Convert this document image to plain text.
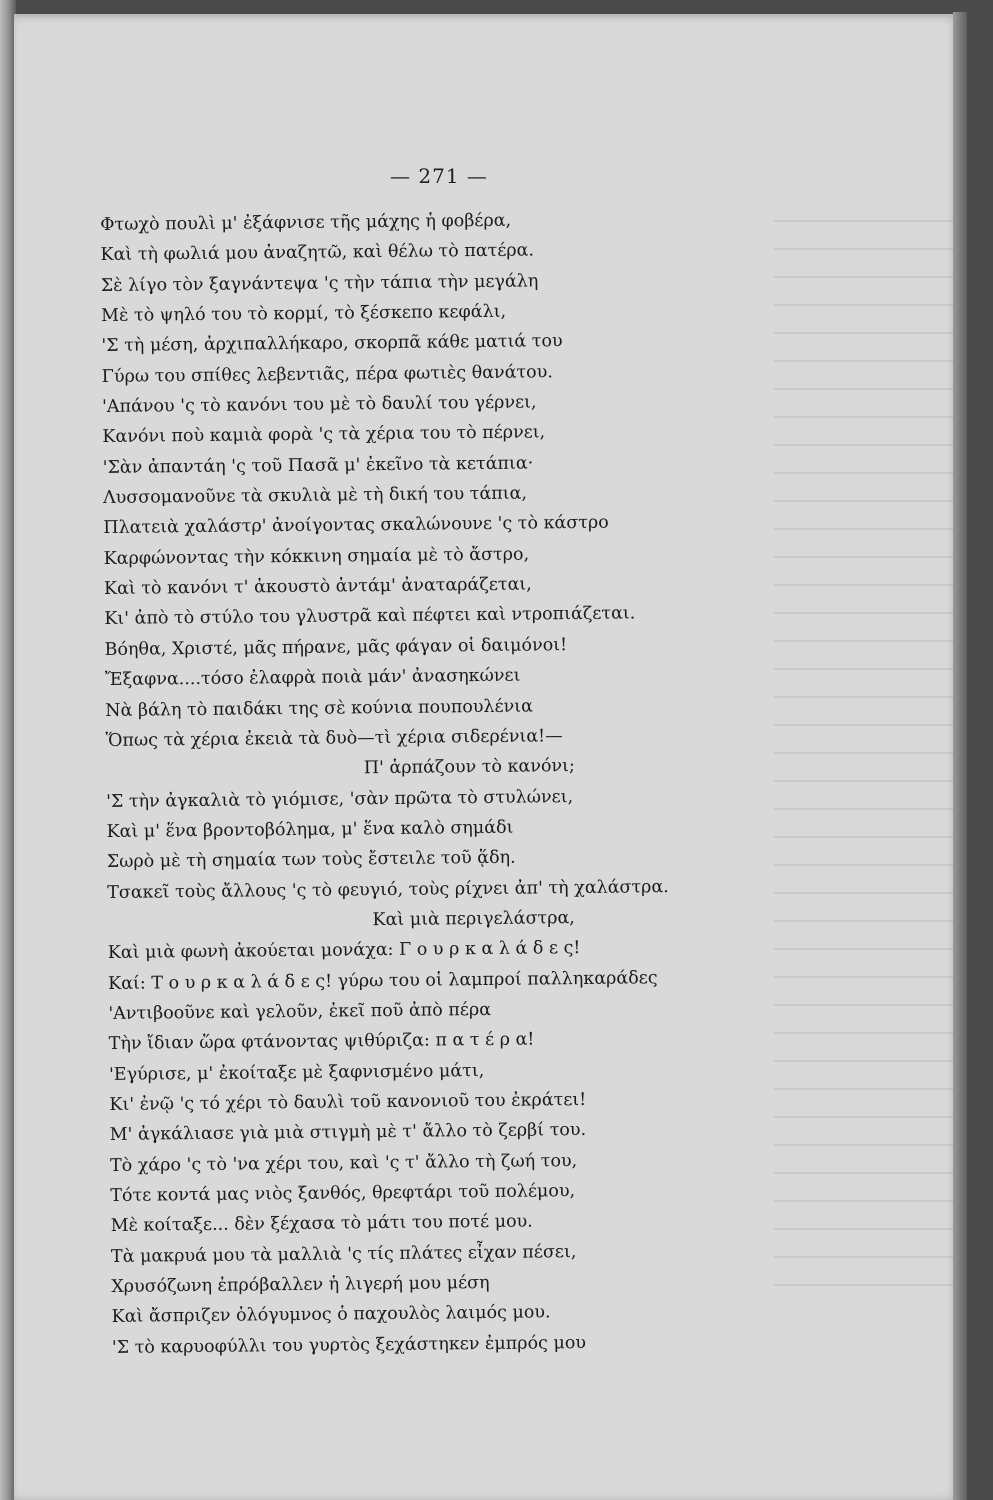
— 271 —
Φτωχὸ πουλὶ μ' ἐξάφνισε τῆς μάχης ἡ φοβέρα,
Καὶ τὴ φωλιά μου ἀναζητῶ, καὶ θέλω τὸ πατέρα.
Σὲ λίγο τὸν ξαγνάντεψα 'ς τὴν τάπια τὴν μεγάλη
Μὲ τὸ ψηλό του τὸ κορμί, τὸ ξέσκεπο κεφάλι,
'Σ τὴ μέση, ἀρχιπαλλήκαρο, σκορπᾶ κάθε ματιά του
Γύρω του σπίθες λεβεντιᾶς, πέρα φωτιὲς θανάτου.
'Απάνου 'ς τὸ κανόνι του μὲ τὸ δαυλί του γέρνει,
Κανόνι ποὺ καμιὰ φορὰ 'ς τὰ χέρια του τὸ πέρνει,
'Σὰν ἀπαντάη 'ς τοῦ Πασᾶ μ' ἐκεῖνο τὰ κετάπια·
Λυσσομανοῦνε τὰ σκυλιὰ μὲ τὴ δική του τάπια,
Πλατειὰ χαλάστρ' ἀνοίγοντας σκαλώνουνε 'ς τὸ κάστρο
Καρφώνοντας τὴν κόκκινη σημαία μὲ τὸ ἄστρο,
Καὶ τὸ κανόνι τ' ἀκουστὸ ἀντάμ' ἀναταράζεται,
Κι' ἀπὸ τὸ στύλο του γλυστρᾶ καὶ πέφτει καὶ ντροπιάζεται.
Βόηθα, Χριστέ, μᾶς πήρανε, μᾶς φάγαν οἱ δαιμόνοι!
Ἔξαφνα....τόσο ἐλαφρὰ ποιὰ μάν' ἀνασηκώνει
Νὰ βάλη τὸ παιδάκι της σὲ κούνια πουπουλένια
Ὅπως τὰ χέρια ἐκειὰ τὰ δυὸ—τὶ χέρια σιδερένια!—
Π' ἁρπάζουν τὸ κανόνι;
'Σ τὴν ἀγκαλιὰ τὸ γιόμισε, 'σὰν πρῶτα τὸ στυλώνει,
Καὶ μ' ἕνα βροντοβόλημα, μ' ἕνα καλὸ σημάδι
Σωρὸ μὲ τὴ σημαία των τοὺς ἔστειλε τοῦ ᾅδη.
Τσακεῖ τοὺς ἄλλους 'ς τὸ φευγιό, τοὺς ρίχνει ἀπ' τὴ χαλάστρα.
Καὶ μιὰ περιγελάστρα,
Καὶ μιὰ φωνὴ ἀκούεται μονάχα: Γ ο υ ρ κ α λ ά δ ε ς!
Καί: Τ ο υ ρ κ α λ ά δ ε ς! γύρω του οἱ λαμπροί παλληκαράδες
'Αντιβοοῦνε καὶ γελοῦν, ἐκεῖ ποῦ ἀπὸ πέρα
Τὴν ἴδιαν ὥρα φτάνοντας ψιθύριζα: π α τ έ ρ α!
'Εγύρισε, μ' ἐκοίταξε μὲ ξαφνισμένο μάτι,
Κι' ἐνῷ 'ς τό χέρι τὸ δαυλὶ τοῦ κανονιοῦ του ἐκράτει!
Μ' ἀγκάλιασε γιὰ μιὰ στιγμὴ μὲ τ' ἄλλο τὸ ζερβί του.
Τὸ χάρο 'ς τὸ 'να χέρι του, καὶ 'ς τ' ἄλλο τὴ ζωή του,
Τότε κοντά μας νιὸς ξανθός, θρεφτάρι τοῦ πολέμου,
Μὲ κοίταξε... δὲν ξέχασα τὸ μάτι του ποτέ μου.
Τὰ μακρυά μου τὰ μαλλιὰ 'ς τίς πλάτες εἶχαν πέσει,
Χρυσόζωνη ἐπρόβαλλεν ἡ λιγερή μου μέση
Καὶ ἄσπριζεν ὁλόγυμνος ὁ παχουλὸς λαιμός μου.
'Σ τὸ καρυοφύλλι του γυρτὸς ξεχάστηκεν ἐμπρός μου
